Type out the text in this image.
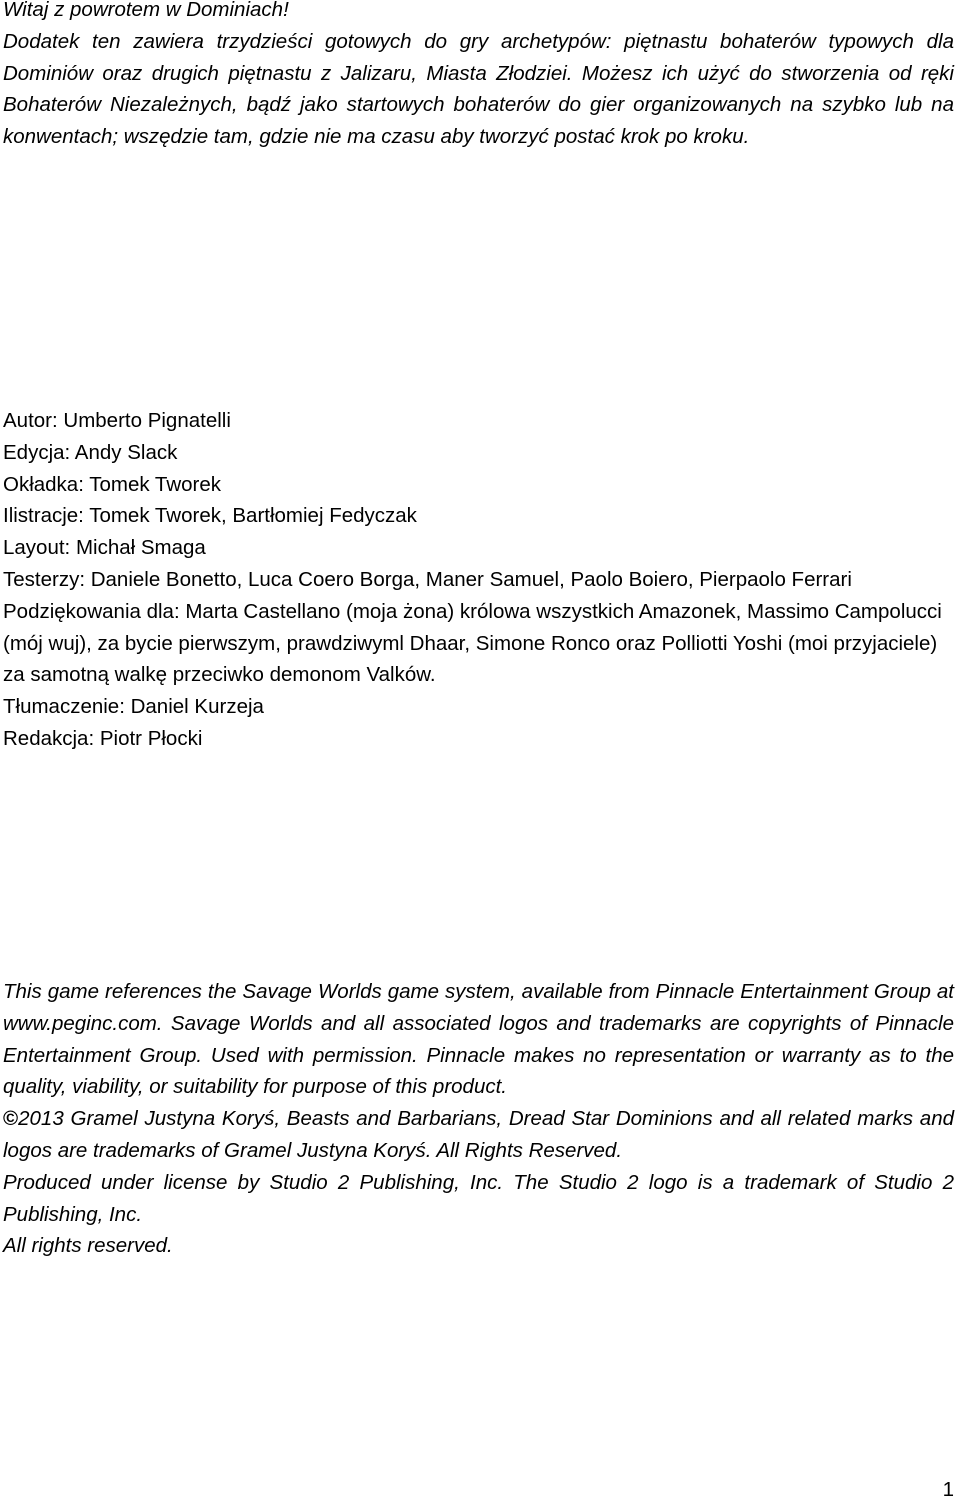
Witaj z powrotem w Dominiach!

Dodatek ten zawiera trzydzieści gotowych do gry archetypów: piętnastu bohaterów typowych dla Dominiów oraz drugich piętnastu z Jalizaru, Miasta Złodziei. Możesz ich użyć do stworzenia od ręki Bohaterów Niezależnych, bądź jako startowych bohaterów do gier organizowanych na szybko lub na konwentach; wszędzie tam, gdzie nie ma czasu aby tworzyć postać krok po kroku.

Autor: Umberto Pignatelli

Edycja: Andy Slack

Okładka: Tomek Tworek

Ilistracje: Tomek Tworek, Bartłomiej Fedyczak

Layout: Michał Smaga

Testerzy: Daniele Bonetto, Luca Coero Borga, Maner Samuel, Paolo Boiero, Pierpaolo Ferrari

Podziękowania dla: Marta Castellano (moja żona) królowa wszystkich Amazonek, Massimo Campolucci (mój wuj), za bycie pierwszym, prawdziwyml Dhaar, Simone Ronco oraz Polliotti Yoshi (moi przyjaciele) za samotną walkę przeciwko demonom Valków.

Tłumaczenie: Daniel Kurzeja

Redakcja: Piotr Płocki

This game references the Savage Worlds game system, available from Pinnacle Entertainment Group at www.peginc.com. Savage Worlds and all associated logos and trademarks are copyrights of Pinnacle Entertainment Group. Used with permission. Pinnacle makes no representation or warranty as to the quality, viability, or suitability for purpose of this product.

©2013 Gramel Justyna Koryś, Beasts and Barbarians, Dread Star Dominions and all related marks and logos are trademarks of Gramel Justyna Koryś. All Rights Reserved.

Produced under license by Studio 2 Publishing, Inc. The Studio 2 logo is a trademark of Studio 2 Publishing, Inc.

All rights reserved.

1
